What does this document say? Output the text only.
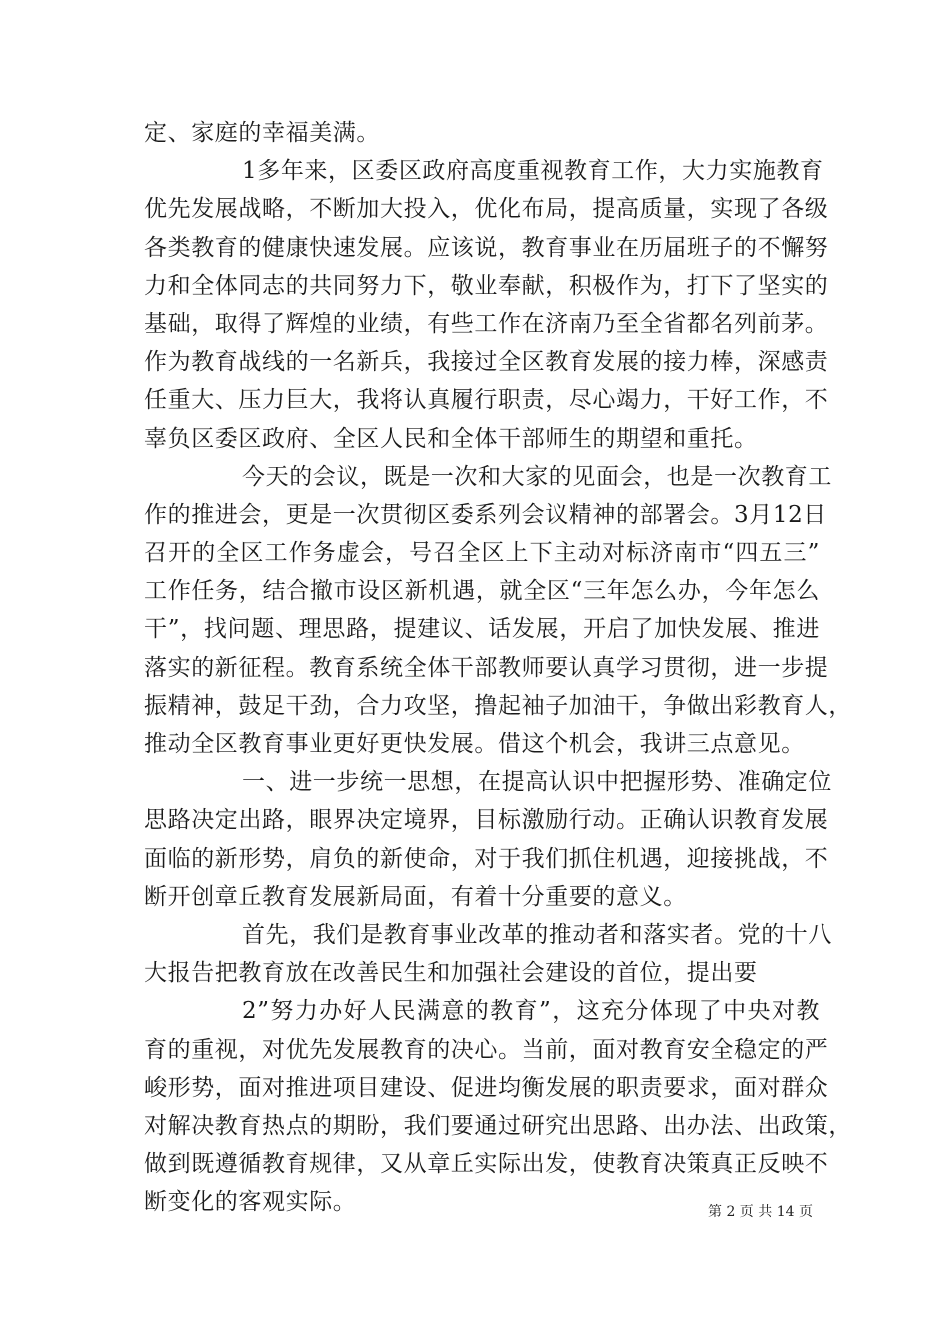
定、家庭的幸福美满。
1多年来，区委区政府高度重视教育工作，大力实施教育
优先发展战略，不断加大投入，优化布局，提高质量，实现了各级
各类教育的健康快速发展。应该说，教育事业在历届班子的不懈努
力和全体同志的共同努力下，敬业奉献，积极作为，打下了坚实的
基础，取得了辉煌的业绩，有些工作在济南乃至全省都名列前茅。
作为教育战线的一名新兵，我接过全区教育发展的接力棒，深感责
任重大、压力巨大，我将认真履行职责，尽心竭力，干好工作，不
辜负区委区政府、全区人民和全体干部师生的期望和重托。
今天的会议，既是一次和大家的见面会，也是一次教育工
作的推进会，更是一次贯彻区委系列会议精神的部署会。3月12日
召开的全区工作务虚会，号召全区上下主动对标济南市“四五三”
工作任务，结合撤市设区新机遇，就全区“三年怎么办，今年怎么
干”，找问题、理思路，提建议、话发展，开启了加快发展、推进
落实的新征程。教育系统全体干部教师要认真学习贯彻，进一步提
振精神，鼓足干劲，合力攻坚，撸起袖子加油干，争做出彩教育人，
推动全区教育事业更好更快发展。借这个机会，我讲三点意见。
一、进一步统一思想，在提高认识中把握形势、准确定位
思路决定出路，眼界决定境界，目标激励行动。正确认识教育发展
面临的新形势，肩负的新使命，对于我们抓住机遇，迎接挑战，不
断开创章丘教育发展新局面，有着十分重要的意义。
首先，我们是教育事业改革的推动者和落实者。党的十八
大报告把教育放在改善民生和加强社会建设的首位，提出要
2”努力办好人民满意的教育”，这充分体现了中央对教
育的重视，对优先发展教育的决心。当前，面对教育安全稳定的严
峻形势，面对推进项目建设、促进均衡发展的职责要求，面对群众
对解决教育热点的期盼，我们要通过研究出思路、出办法、出政策，
做到既遵循教育规律，又从章丘实际出发，使教育决策真正反映不
断变化的客观实际。	第 2 页 共 14 页
